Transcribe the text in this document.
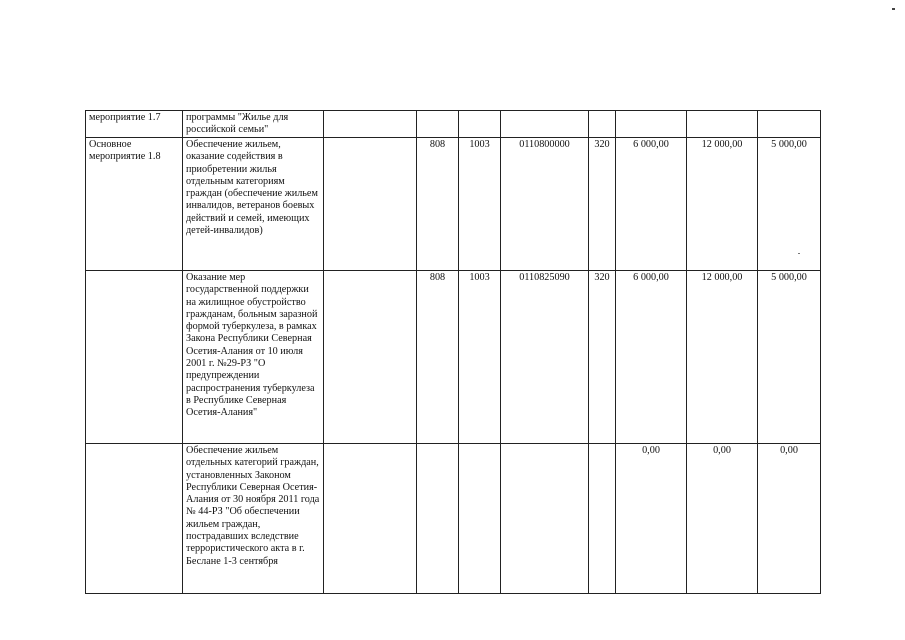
мероприятие 1.7	программы "Жилье для российской семьи"								
Основное мероприятие 1.8	Обеспечение жильем, оказание содействия в приобретении жилья отдельным категориям граждан (обеспечение жильем инвалидов, ветеранов боевых действий и семей, имеющих детей-инвалидов)		808	1003	0110800000	320	6 000,00	12 000,00	5 000,00
	Оказание мер государственной поддержки на жилищное обустройство гражданам, больным заразной формой туберкулеза, в рамках Закона Республики Северная Осетия-Алания от 10 июля 2001 г. №29-РЗ "О предупреждении распространения туберкулеза в Республике Северная Осетия-Алания"		808	1003	0110825090	320	6 000,00	12 000,00	5 000,00
	Обеспечение жильем отдельных категорий граждан, установленных Законом Республики Северная Осетия-Алания от 30 ноября 2011 года № 44-РЗ "Об обеспечении жильем граждан, пострадавших вследствие террористического акта в г. Беслане 1-3 сентября						0,00	0,00	0,00
